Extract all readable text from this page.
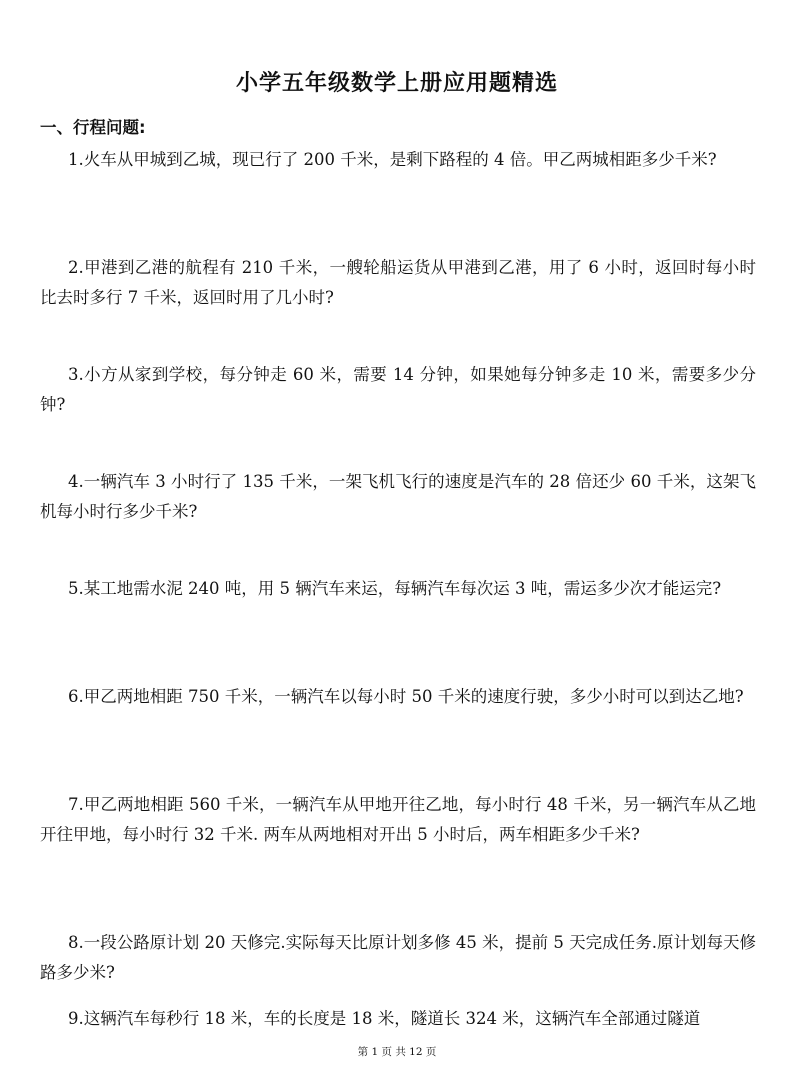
小学五年级数学上册应用题精选
一、行程问题:

1.火车从甲城到乙城，现已行了 200 千米，是剩下路程的 4 倍。甲乙两城相距多少千米?

2.甲港到乙港的航程有 210 千米，一艘轮船运货从甲港到乙港，用了 6 小时，返回时每小时比去时多行 7 千米，返回时用了几小时?

3.小方从家到学校，每分钟走 60 米，需要 14 分钟，如果她每分钟多走 10 米，需要多少分钟?

4.一辆汽车 3 小时行了 135 千米，一架飞机飞行的速度是汽车的 28 倍还少 60 千米，这架飞机每小时行多少千米?

5.某工地需水泥 240 吨，用 5 辆汽车来运，每辆汽车每次运 3 吨，需运多少次才能运完?

6.甲乙两地相距 750 千米，一辆汽车以每小时 50 千米的速度行驶，多少小时可以到达乙地?

7.甲乙两地相距 560 千米，一辆汽车从甲地开往乙地，每小时行 48 千米，另一辆汽车从乙地开往甲地，每小时行 32 千米. 两车从两地相对开出 5 小时后，两车相距多少千米?

8.一段公路原计划 20 天修完.实际每天比原计划多修 45 米，提前 5 天完成任务.原计划每天修路多少米?

9.这辆汽车每秒行 18 米，车的长度是 18 米，隧道长 324 米，这辆汽车全部通过隧道

第 1 页 共 12 页
